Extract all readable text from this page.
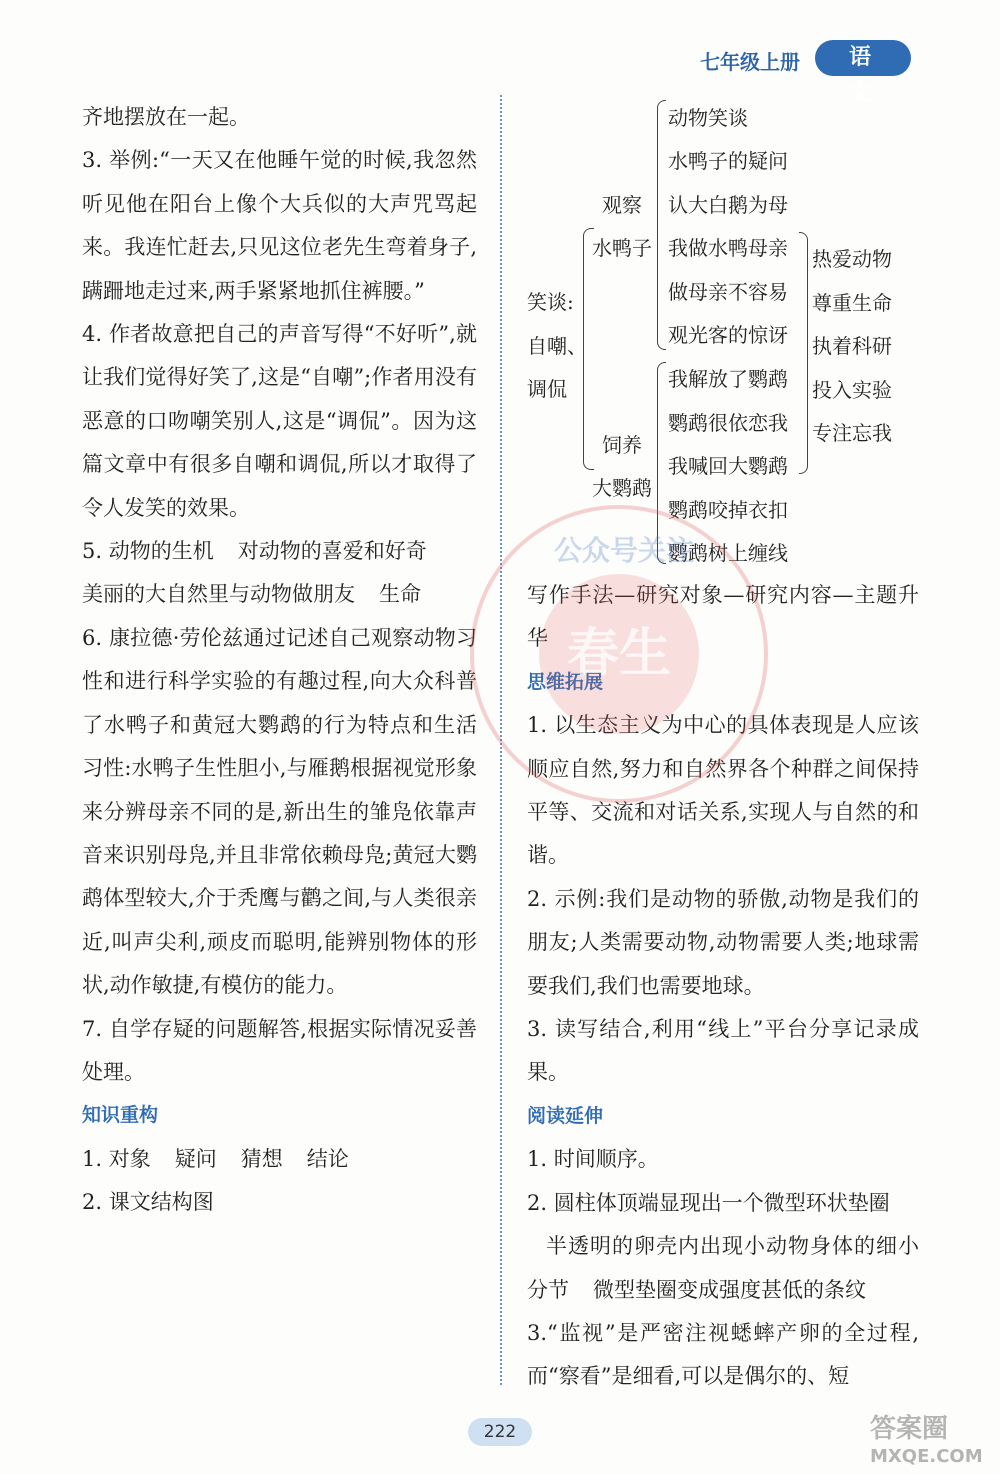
七年级上册	语 文

齐地摆放在一起。

3. 举例:“一天又在他睡午觉的时候,我忽然听见他在阳台上像个大兵似的大声咒骂起来。我连忙赶去,只见这位老先生弯着身子,蹒跚地走过来,两手紧紧地抓住裤腰。”

4. 作者故意把自己的声音写得“不好听”,就让我们觉得好笑了,这是“自嘲”;作者用没有恶意的口吻嘲笑别人,这是“调侃”。因为这篇文章中有很多自嘲和调侃,所以才取得了令人发笑的效果。

5. 动物的生机 对动物的喜爱和好奇
美丽的大自然里与动物做朋友 生命

6. 康拉德·劳伦兹通过记述自己观察动物习性和进行科学实验的有趣过程,向大众科普了水鸭子和黄冠大鹦鹉的行为特点和生活习性:水鸭子生性胆小,与雁鹅根据视觉形象来分辨母亲不同的是,新出生的雏凫依靠声音来识别母凫,并且非常依赖母凫;黄冠大鹦鹉体型较大,介于秃鹰与鹳之间,与人类很亲近,叫声尖利,顽皮而聪明,能辨别物体的形状,动作敏捷,有模仿的能力。

7. 自学存疑的问题解答,根据实际情况妥善处理。

知识重构

1. 对象 疑问 猜想 结论

2. 课文结构图

笑谈:
自嘲、
调侃
观察
水鸭子
动物笑谈
水鸭子的疑问
认大白鹅为母
我做水鸭母亲
做母亲不容易
观光客的惊讶
饲养
大鹦鹉
我解放了鹦鹉
鹦鹉很依恋我
我喊回大鹦鹉
鹦鹉咬掉衣扣
鹦鹉树上缠线
热爱动物
尊重生命
执着科研
投入实验
专注忘我

写作手法—研究对象—研究内容—主题升华

思维拓展

1. 以生态主义为中心的具体表现是人应该顺应自然,努力和自然界各个种群之间保持平等、交流和对话关系,实现人与自然的和谐。

2. 示例:我们是动物的骄傲,动物是我们的朋友;人类需要动物,动物需要人类;地球需要我们,我们也需要地球。

3. 读写结合,利用“线上”平台分享记录成果。

阅读延伸

1. 时间顺序。

2. 圆柱体顶端显现出一个微型环状垫圈
半透明的卵壳内出现小动物身体的细小分节 微型垫圈变成强度甚低的条纹

3.“监视”是严密注视蟋蟀产卵的全过程,而“察看”是细看,可以是偶尔的、短

春生
公众号关注
222	答案圈
MXQE.COM
